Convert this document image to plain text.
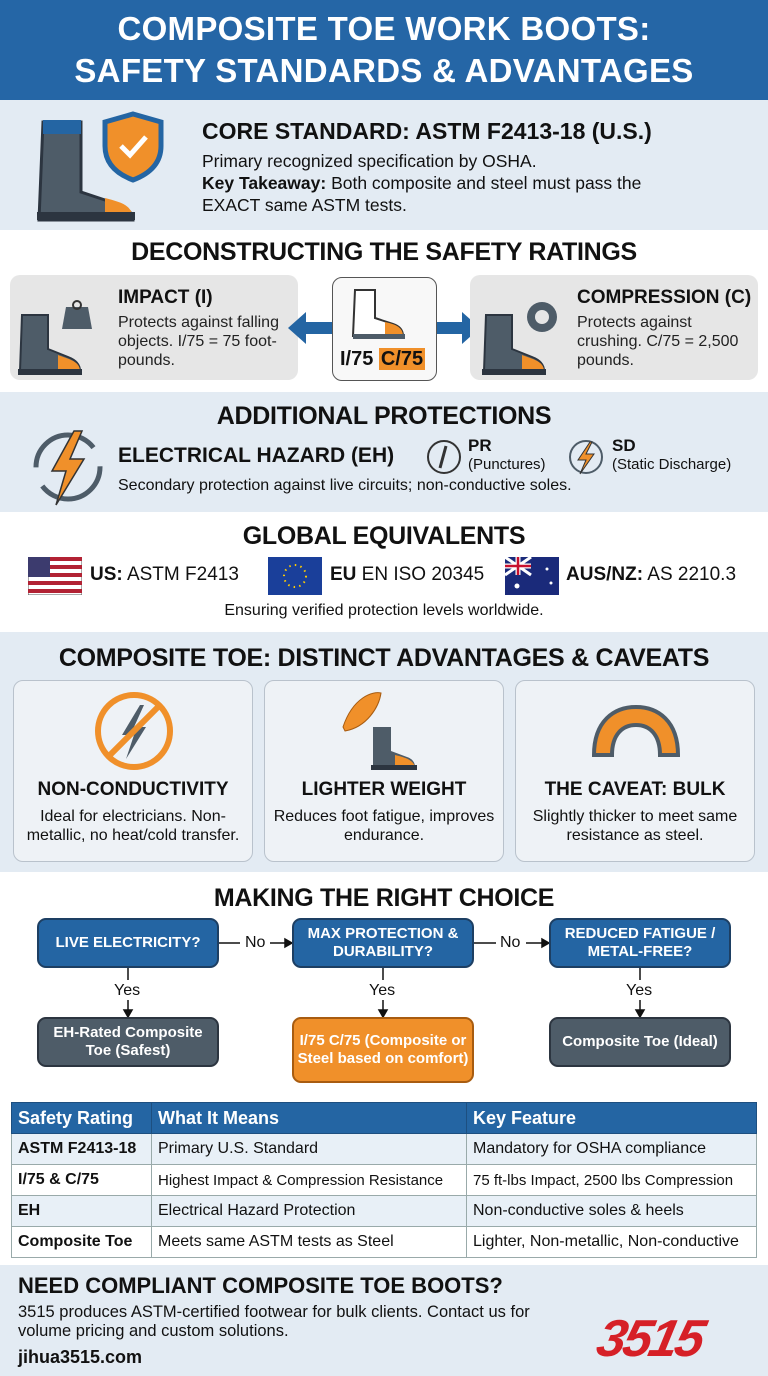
COMPOSITE TOE WORK BOOTS:
SAFETY STANDARDS & ADVANTAGES
CORE STANDARD: ASTM F2413-18 (U.S.)
Primary recognized specification by OSHA.
Key Takeaway: Both composite and steel must pass the EXACT same ASTM tests.
DECONSTRUCTING THE SAFETY RATINGS
IMPACT (I)
Protects against falling objects. I/75 = 75 foot-pounds.	I/75 C/75
COMPRESSION (C)
Protects against crushing. C/75 = 2,500 pounds.
ADDITIONAL PROTECTIONS
ELECTRICAL HAZARD (EH)
Secondary protection against live circuits; non-conductive soles.
PR
(Punctures)
SD
(Static Discharge)
GLOBAL EQUIVALENTS
US: ASTM F2413	EU EN ISO 20345	AUS/NZ: AS 2210.3
Ensuring verified protection levels worldwide.
COMPOSITE TOE: DISTINCT ADVANTAGES & CAVEATS
NON-CONDUCTIVITY
Ideal for electricians. Non-metallic, no heat/cold transfer.
LIGHTER WEIGHT
Reduces foot fatigue, improves endurance.
THE CAVEAT: BULK
Slightly thicker to meet same resistance as steel.
MAKING THE RIGHT CHOICE
LIVE ELECTRICITY?
MAX PROTECTION & DURABILITY?
REDUCED FATIGUE / METAL-FREE?
No	No
Yes	Yes	Yes
EH-Rated Composite Toe (Safest)
I/75 C/75 (Composite or Steel based on comfort)
Composite Toe (Ideal)
Safety Rating	What It Means	Key Feature
ASTM F2413-18	Primary U.S. Standard	Mandatory for OSHA compliance
I/75 & C/75	Highest Impact & Compression Resistance	75 ft-lbs Impact, 2500 lbs Compression
EH	Electrical Hazard Protection	Non-conductive soles & heels
Composite Toe	Meets same ASTM tests as Steel	Lighter, Non-metallic, Non-conductive
NEED COMPLIANT COMPOSITE TOE BOOTS?
3515 produces ASTM-certified footwear for bulk clients. Contact us for volume pricing and custom solutions.
jihua3515.com	3515
